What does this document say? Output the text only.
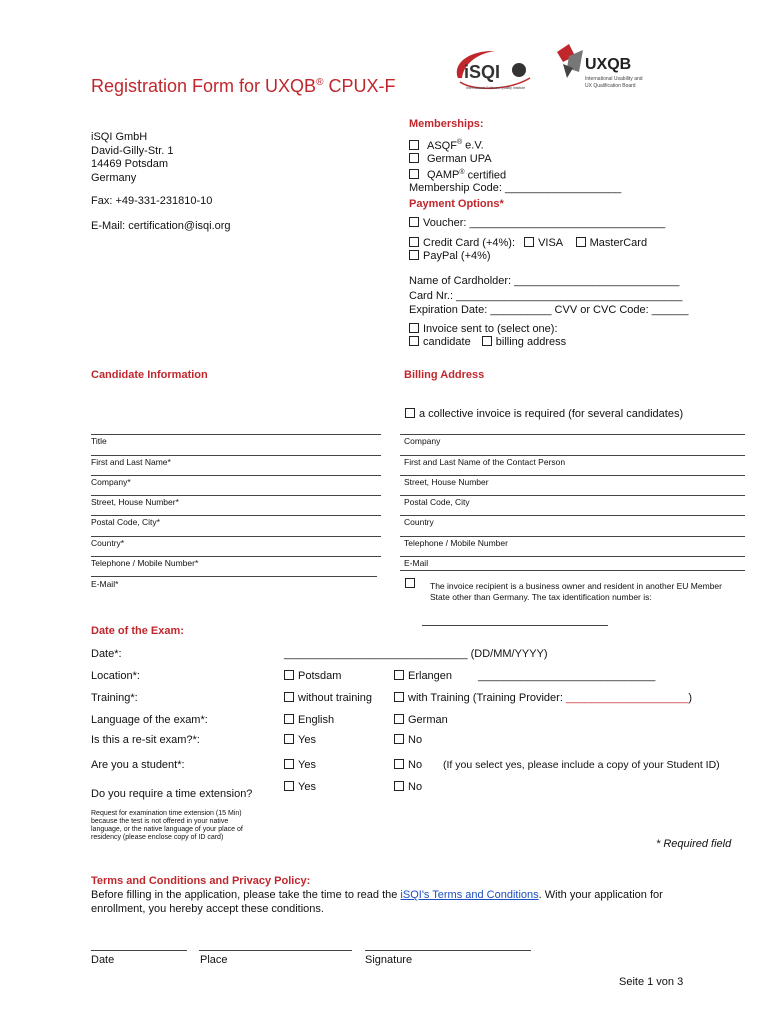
Registration Form for UXQB® CPUX-F
iSQI
International Software Quality Institute
UXQB
International Usability and
UX Qualification Board
iSQI GmbH
David-Gilly-Str. 1
14469 Potsdam
Germany
Fax: +49-331-231810-10
E-Mail: certification@isqi.org
Memberships:
ASQF® e.V.
German UPA
QAMP® certified
Membership Code: ___________________
Payment Options*
Voucher: ________________________________
Credit Card (+4%): VISA MasterCard
PayPal (+4%)
Name of Cardholder: ___________________________
Card Nr.: _____________________________________
Expiration Date: __________ CVV or CVC Code: ______
Invoice sent to (select one):
candidate billing address
Candidate Information	Billing Address
a collective invoice is required (for several candidates)
Title
First and Last Name*
Company*
Street, House Number*
Postal Code, City*
Country*
Telephone / Mobile Number*
E-Mail*
Company
First and Last Name of the Contact Person
Street, House Number
Postal Code, City
Country
Telephone / Mobile Number
E-Mail
The invoice recipient is a business owner and resident in another EU Member
State other than Germany. The tax identification number is:
Date of the Exam:
Date*:	______________________________ (DD/MM/YYYY)
Location*:	Potsdam	Erlangen _____________________________
Training*:	without training	with Training (Training Provider: ____________________)
Language of the exam*:	English	German
Is this a re-sit exam?*:	Yes	No
Are you a student*:	Yes	No (If you select yes, please include a copy of your Student ID)
Do you require a time extension?
Yes	No
Request for examination time extension (15 Min)
because the test is not offered in your native
language, or the native language of your place of
residency (please enclose copy of ID card)
* Required field
Terms and Conditions and Privacy Policy:
Before filling in the application, please take the time to read the iSQI's Terms and Conditions. With your application for
enrollment, you hereby accept these conditions.
Date	Place	Signature
Seite 1 von 3
